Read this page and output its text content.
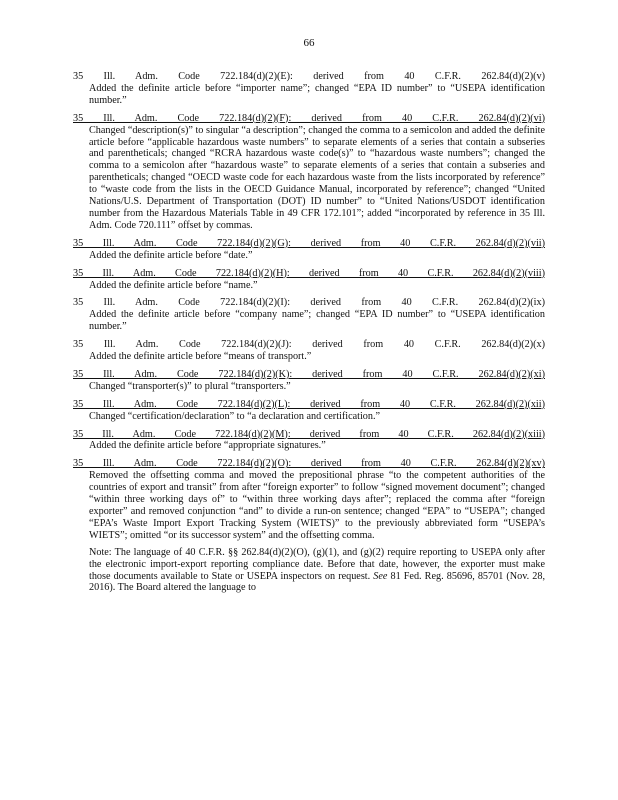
66
35 Ill. Adm. Code 722.184(d)(2)(E): derived from 40 C.F.R. 262.84(d)(2)(v)
Added the definite article before “importer name”; changed “EPA ID number” to “USEPA identification number.”
35 Ill. Adm. Code 722.184(d)(2)(F): derived from 40 C.F.R. 262.84(d)(2)(vi)
Changed “description(s)” to singular “a description”; changed the comma to a semicolon and added the definite article before “applicable hazardous waste numbers” to separate elements of a series that contain a subseries and parentheticals; changed “RCRA hazardous waste code(s)” to “hazardous waste numbers”; changed the comma to a semicolon after “hazardous waste” to separate elements of a series that contain a subseries and parentheticals; changed “OECD waste code for each hazardous waste from the lists incorporated by reference” to “waste code from the lists in the OECD Guidance Manual, incorporated by reference”; changed “United Nations/U.S. Department of Transportation (DOT) ID number” to “United Nations/USDOT identification number from the Hazardous Materials Table in 49 CFR 172.101”; added “incorporated by reference in 35 Ill. Adm. Code 720.111” offset by commas.
35 Ill. Adm. Code 722.184(d)(2)(G): derived from 40 C.F.R. 262.84(d)(2)(vii)
Added the definite article before “date.”
35 Ill. Adm. Code 722.184(d)(2)(H): derived from 40 C.F.R. 262.84(d)(2)(viii)
Added the definite article before “name.”
35 Ill. Adm. Code 722.184(d)(2)(I): derived from 40 C.F.R. 262.84(d)(2)(ix)
Added the definite article before “company name”; changed “EPA ID number” to “USEPA identification number.”
35 Ill. Adm. Code 722.184(d)(2)(J): derived from 40 C.F.R. 262.84(d)(2)(x)
Added the definite article before “means of transport.”
35 Ill. Adm. Code 722.184(d)(2)(K): derived from 40 C.F.R. 262.84(d)(2)(xi)
Changed “transporter(s)” to plural “transporters.”
35 Ill. Adm. Code 722.184(d)(2)(L): derived from 40 C.F.R. 262.84(d)(2)(xii)
Changed “certification/declaration” to “a declaration and certification.”
35 Ill. Adm. Code 722.184(d)(2)(M): derived from 40 C.F.R. 262.84(d)(2)(xiii)
Added the definite article before “appropriate signatures.”
35 Ill. Adm. Code 722.184(d)(2)(O): derived from 40 C.F.R. 262.84(d)(2)(xv)
Removed the offsetting comma and moved the prepositional phrase “to the competent authorities of the countries of export and transit” from after “foreign exporter” to follow “signed movement document”; changed “within three working days of” to “within three working days after”; replaced the comma after “foreign exporter” and removed conjunction “and” to divide a run-on sentence; changed “EPA” to “USEPA”; changed “EPA’s Waste Import Export Tracking System (WIETS)” to the previously abbreviated form “USEPA’s WIETS”; omitted “or its successor system” and the offsetting comma.
Note: The language of 40 C.F.R. §§ 262.84(d)(2)(O), (g)(1), and (g)(2) require reporting to USEPA only after the electronic import-export reporting compliance date. Before that date, however, the exporter must make those documents available to State or USEPA inspectors on request. See 81 Fed. Reg. 85696, 85701 (Nov. 28, 2016). The Board altered the language to
